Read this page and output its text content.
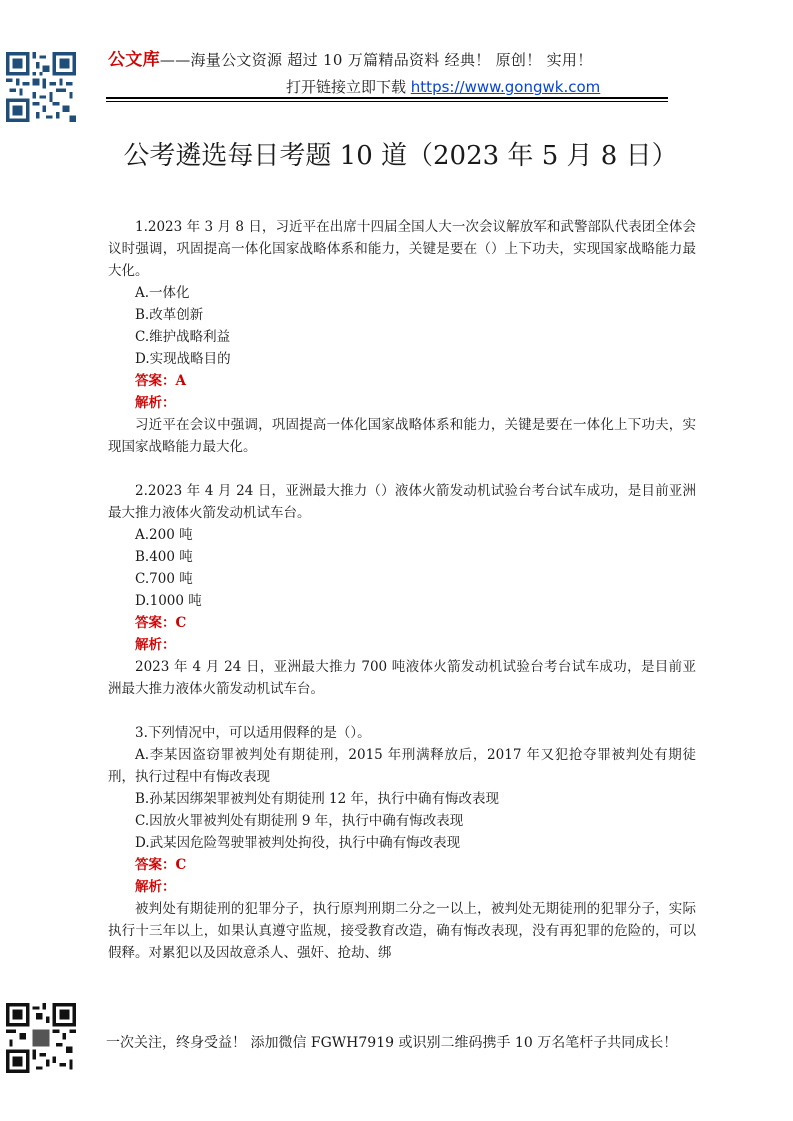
公文库——海量公文资源 超过 10 万篇精品资料 经典！ 原创！ 实用！
打开链接立即下载 https://www.gongwk.com
公考遴选每日考题 10 道（2023 年 5 月 8 日）

1.2023 年 3 月 8 日，习近平在出席十四届全国人大一次会议解放军和武警部队代表团全体会议时强调，巩固提高一体化国家战略体系和能力，关键是要在（）上下功夫，实现国家战略能力最大化。

A.一体化

B.改革创新

C.维护战略利益

D.实现战略目的

答案：A

解析：

习近平在会议中强调，巩固提高一体化国家战略体系和能力，关键是要在一体化上下功夫，实现国家战略能力最大化。

2.2023 年 4 月 24 日，亚洲最大推力（）液体火箭发动机试验台考台试车成功，是目前亚洲最大推力液体火箭发动机试车台。

A.200 吨

B.400 吨

C.700 吨

D.1000 吨

答案：C

解析：

2023 年 4 月 24 日，亚洲最大推力 700 吨液体火箭发动机试验台考台试车成功，是目前亚洲最大推力液体火箭发动机试车台。

3.下列情况中，可以适用假释的是（）。

A.李某因盗窃罪被判处有期徒刑，2015 年刑满释放后，2017 年又犯抢夺罪被判处有期徒刑，执行过程中有悔改表现

B.孙某因绑架罪被判处有期徒刑 12 年，执行中确有悔改表现

C.因放火罪被判处有期徒刑 9 年，执行中确有悔改表现

D.武某因危险驾驶罪被判处拘役，执行中确有悔改表现

答案：C

解析：

被判处有期徒刑的犯罪分子，执行原判刑期二分之一以上，被判处无期徒刑的犯罪分子，实际执行十三年以上，如果认真遵守监规，接受教育改造，确有悔改表现，没有再犯罪的危险的，可以假释。对累犯以及因故意杀人、强奸、抢劫、绑

一次关注，终身受益！ 添加微信 FGWH7919 或识别二维码携手 10 万名笔杆子共同成长！
